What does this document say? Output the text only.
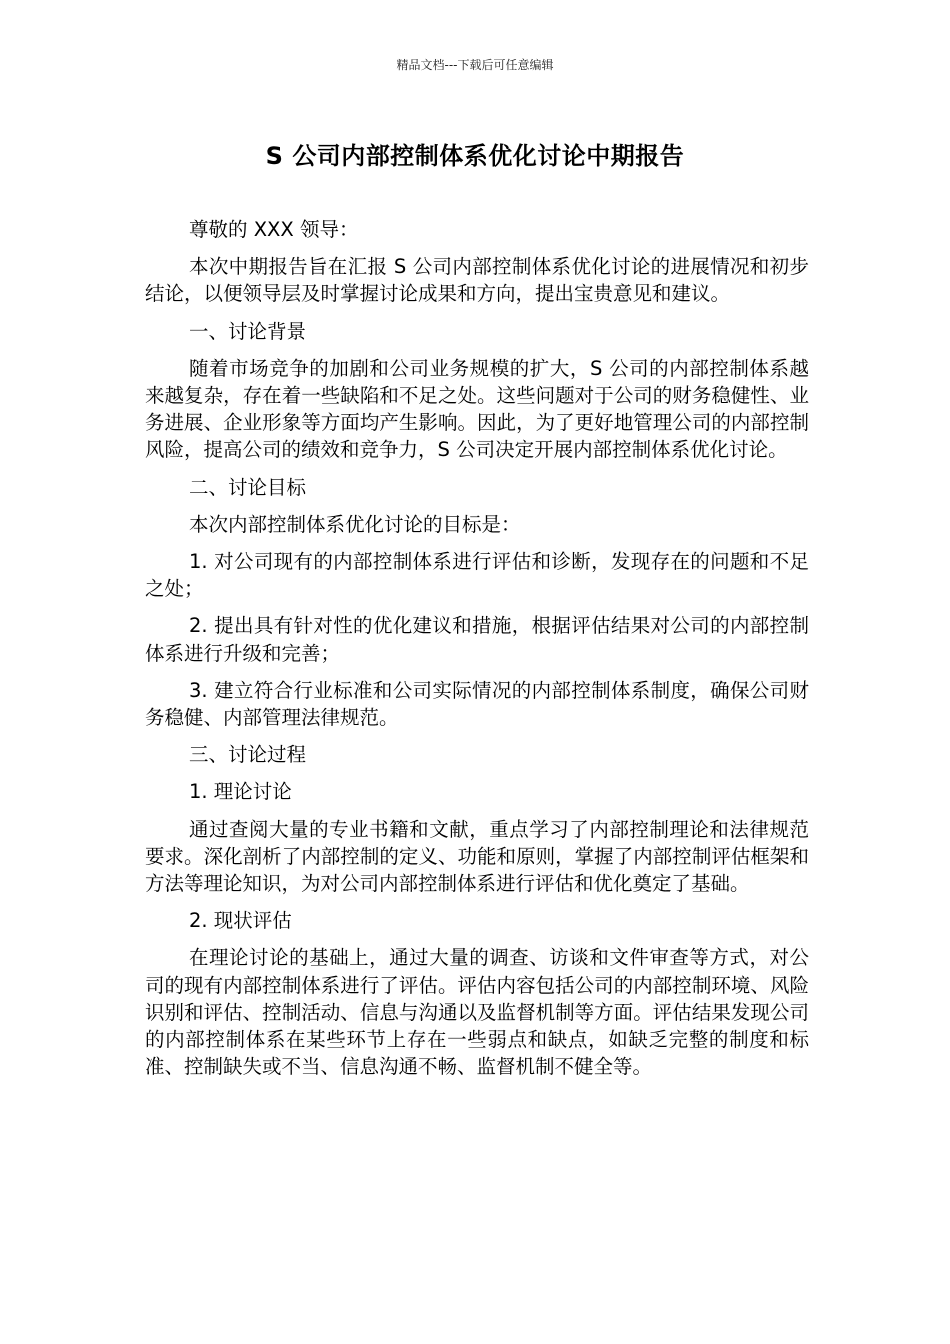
精品文档---下载后可任意编辑
S 公司内部控制体系优化讨论中期报告

尊敬的 XXX 领导：

本次中期报告旨在汇报 S 公司内部控制体系优化讨论的进展情况和初步结论，以便领导层及时掌握讨论成果和方向，提出宝贵意见和建议。

一、讨论背景

随着市场竞争的加剧和公司业务规模的扩大，S 公司的内部控制体系越来越复杂，存在着一些缺陷和不足之处。这些问题对于公司的财务稳健性、业务进展、企业形象等方面均产生影响。因此，为了更好地管理公司的内部控制风险，提高公司的绩效和竞争力，S 公司决定开展内部控制体系优化讨论。

二、讨论目标

本次内部控制体系优化讨论的目标是：

1. 对公司现有的内部控制体系进行评估和诊断，发现存在的问题和不足之处；

2. 提出具有针对性的优化建议和措施，根据评估结果对公司的内部控制体系进行升级和完善；

3. 建立符合行业标准和公司实际情况的内部控制体系制度，确保公司财务稳健、内部管理法律规范。

三、讨论过程

1. 理论讨论

通过查阅大量的专业书籍和文献，重点学习了内部控制理论和法律规范要求。深化剖析了内部控制的定义、功能和原则，掌握了内部控制评估框架和方法等理论知识，为对公司内部控制体系进行评估和优化奠定了基础。

2. 现状评估

在理论讨论的基础上，通过大量的调查、访谈和文件审查等方式，对公司的现有内部控制体系进行了评估。评估内容包括公司的内部控制环境、风险识别和评估、控制活动、信息与沟通以及监督机制等方面。评估结果发现公司的内部控制体系在某些环节上存在一些弱点和缺点，如缺乏完整的制度和标准、控制缺失或不当、信息沟通不畅、监督机制不健全等。
